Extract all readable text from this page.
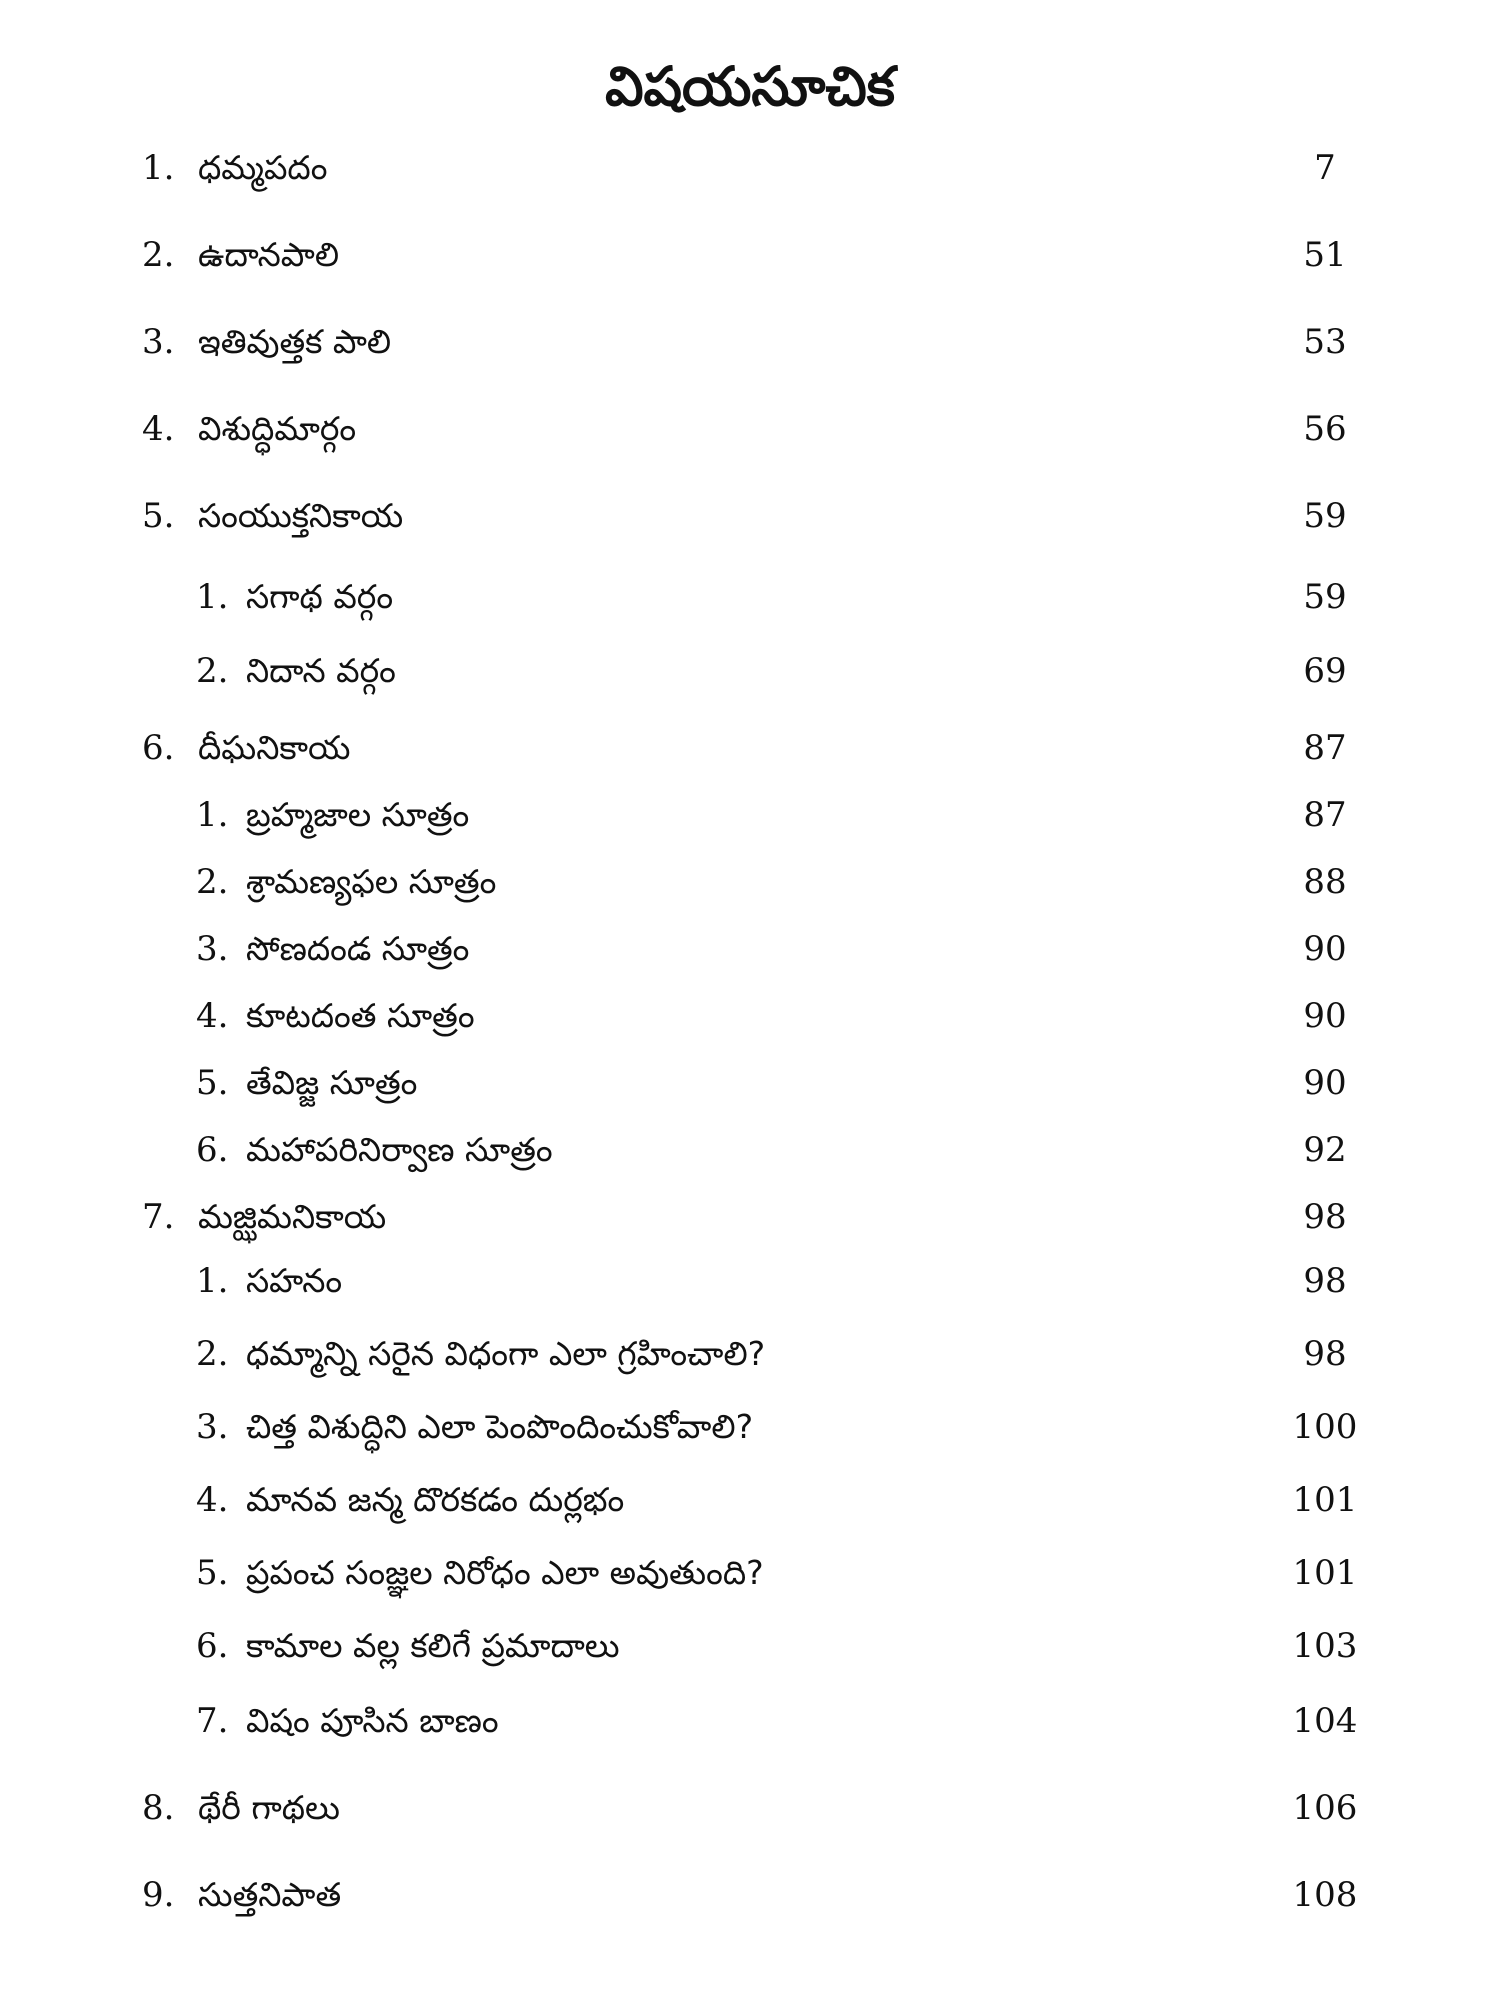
విషయసూచిక
1. ధమ్మపదం	7
2. ఉదానపాలి	51
3. ఇతివుత్తక పాలి	53
4. విశుద్ధిమార్గం	56
5. సంయుక్తనికాయ	59
1. సగాథ వర్గం	59
2. నిదాన వర్గం	69
6. దీఘనికాయ	87
1. బ్రహ్మజాల సూత్రం	87
2. శ్రామణ్యఫల సూత్రం	88
3. సోణదండ సూత్రం	90
4. కూటదంత సూత్రం	90
5. తేవిజ్జ సూత్రం	90
6. మహాపరినిర్వాణ సూత్రం	92
7. మజ్ఝిమనికాయ	98
1. సహనం	98
2. ధమ్మాన్ని సరైన విధంగా ఎలా గ్రహించాలి?	98
3. చిత్త విశుద్ధిని ఎలా పెంపొందించుకోవాలి?	100
4. మానవ జన్మ దొరకడం దుర్లభం	101
5. ప్రపంచ సంజ్ఞల నిరోధం ఎలా అవుతుంది?	101
6. కామాల వల్ల కలిగే ప్రమాదాలు	103
7. విషం పూసిన బాణం	104
8. థేరీ గాథలు	106
9. సుత్తనిపాత	108
